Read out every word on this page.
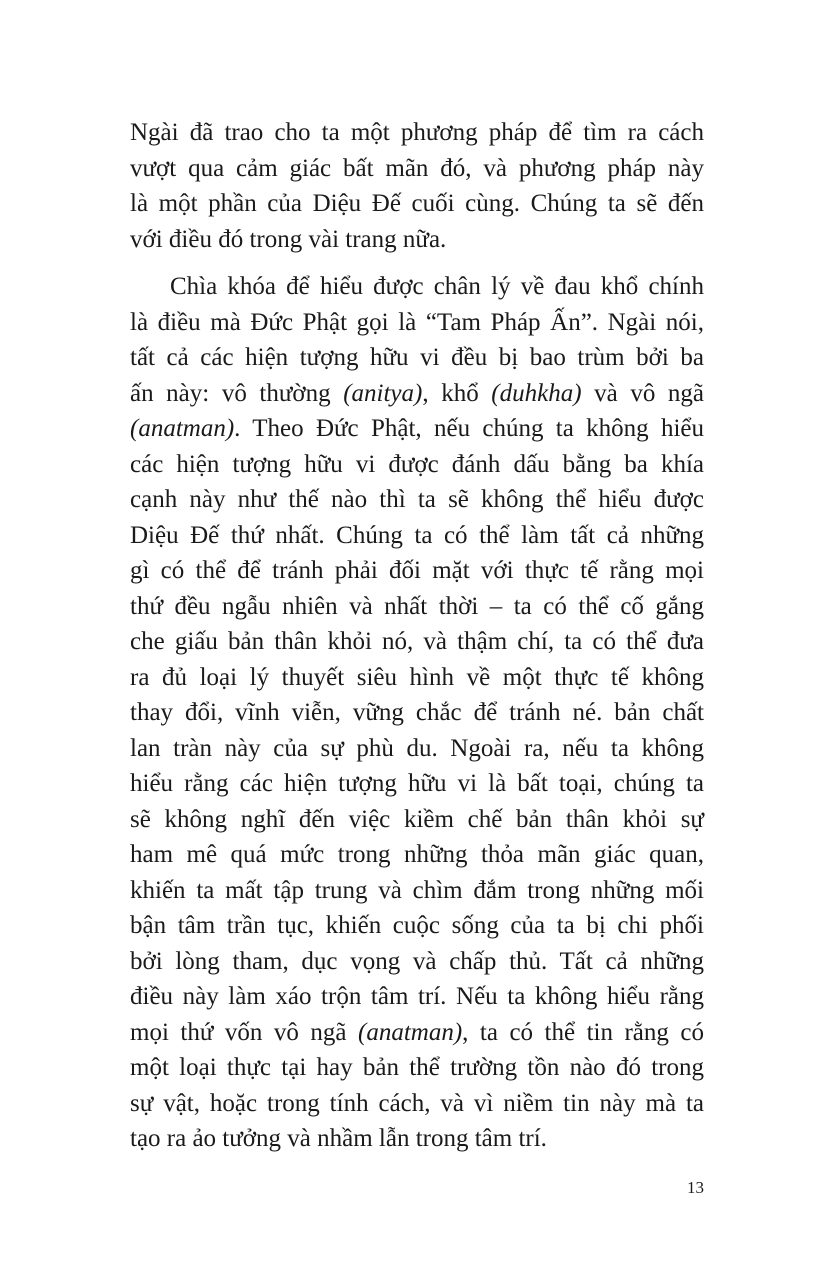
Ngài đã trao cho ta một phương pháp để tìm ra cách
vượt qua cảm giác bất mãn đó, và phương pháp này
là một phần của Diệu Đế cuối cùng. Chúng ta sẽ đến
với điều đó trong vài trang nữa.
Chìa khóa để hiểu được chân lý về đau khổ chính
là điều mà Đức Phật gọi là “Tam Pháp Ấn”. Ngài nói,
tất cả các hiện tượng hữu vi đều bị bao trùm bởi ba
ấn này: vô thường (anitya), khổ (duhkha) và vô ngã
(anatman). Theo Đức Phật, nếu chúng ta không hiểu
các hiện tượng hữu vi được đánh dấu bằng ba khía
cạnh này như thế nào thì ta sẽ không thể hiểu được
Diệu Đế thứ nhất. Chúng ta có thể làm tất cả những
gì có thể để tránh phải đối mặt với thực tế rằng mọi
thứ đều ngẫu nhiên và nhất thời – ta có thể cố gắng
che giấu bản thân khỏi nó, và thậm chí, ta có thể đưa
ra đủ loại lý thuyết siêu hình về một thực tế không
thay đổi, vĩnh viễn, vững chắc để tránh né. bản chất
lan tràn này của sự phù du. Ngoài ra, nếu ta không
hiểu rằng các hiện tượng hữu vi là bất toại, chúng ta
sẽ không nghĩ đến việc kiềm chế bản thân khỏi sự
ham mê quá mức trong những thỏa mãn giác quan,
khiến ta mất tập trung và chìm đắm trong những mối
bận tâm trần tục, khiến cuộc sống của ta bị chi phối
bởi lòng tham, dục vọng và chấp thủ. Tất cả những
điều này làm xáo trộn tâm trí. Nếu ta không hiểu rằng
mọi thứ vốn vô ngã (anatman), ta có thể tin rằng có
một loại thực tại hay bản thể trường tồn nào đó trong
sự vật, hoặc trong tính cách, và vì niềm tin này mà ta
tạo ra ảo tưởng và nhầm lẫn trong tâm trí.
13
